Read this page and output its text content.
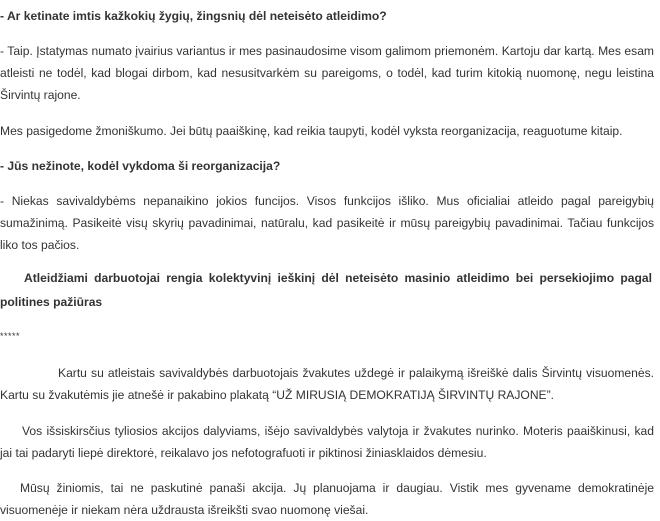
- Ar ketinate imtis kažkokių žygių, žingsnių dėl neteisėto atleidimo?

- Taip. Įstatymas numato įvairius variantus ir mes pasinaudosime visom galimom priemonėm. Kartoju dar kartą. Mes esam atleisti ne todėl, kad blogai dirbom, kad nesusitvarkėm su pareigoms, o todėl, kad turim kitokią nuomonę, negu leistina Širvintų rajone.

Mes pasigedome žmoniškumo. Jei būtų paaiškinę, kad reikia taupyti, kodėl vyksta reorganizacija, reaguotume kitaip.

- Jūs nežinote, kodėl vykdoma ši reorganizacija?

- Niekas savivaldybėms nepanaikino jokios funcijos. Visos funkcijos išliko. Mus oficialiai atleido pagal pareigybių sumažinimą. Pasikeitė visų skyrių pavadinimai, natūralu, kad pasikeitė ir mūsų pareigybių pavadinimai. Tačiau funkcijos liko tos pačios.

Atleidžiami darbuotojai rengia kolektyvinį ieškinį dėl neteisėto masinio atleidimo bei persekiojimo pagal politines pažiūras

*****

Kartu su atleistais savivaldybės darbuotojais žvakutes uždegė ir palaikymą išreiškė dalis Širvintų visuomenės. Kartu su žvakutėmis jie atnešė ir pakabino plakatą “UŽ MIRUSIĄ DEMOKRATIJĄ ŠIRVINTŲ RAJONE”.

Vos išsiskirsčius tyliosios akcijos dalyviams, išėjo savivaldybės valytoja ir žvakutes nurinko. Moteris paaiškinusi, kad jai tai padaryti liepė direktorė, reikalavo jos nefotografuoti ir piktinosi žiniasklaidos dėmesiu.

Mūsų žiniomis, tai ne paskutinė panaši akcija. Jų planuojama ir daugiau. Vistik mes gyvename demokratinėje visuomenėje ir niekam nėra uždrausta išreikšti svao nuomonę viešai.
